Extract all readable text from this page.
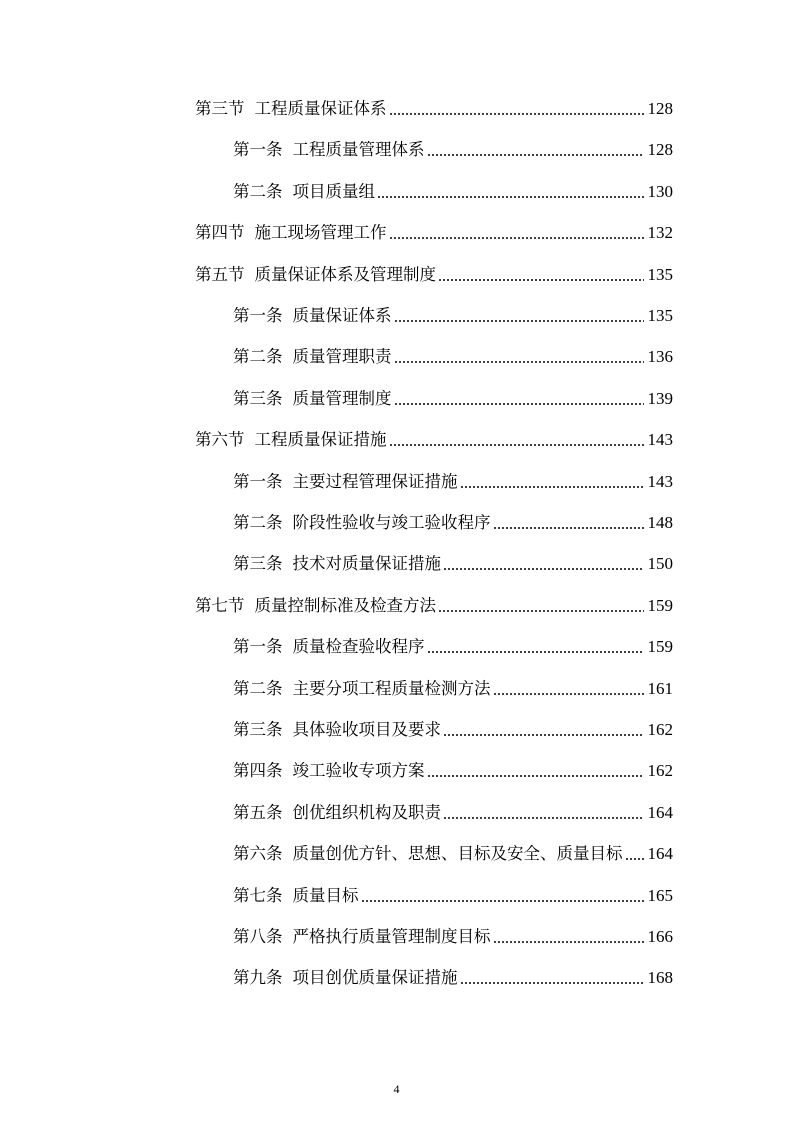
第三节 工程质量保证体系	128
第一条 工程质量管理体系	128
第二条 项目质量组	130
第四节 施工现场管理工作	132
第五节 质量保证体系及管理制度	135
第一条 质量保证体系	135
第二条 质量管理职责	136
第三条 质量管理制度	139
第六节 工程质量保证措施	143
第一条 主要过程管理保证措施	143
第二条 阶段性验收与竣工验收程序	148
第三条 技术对质量保证措施	150
第七节 质量控制标准及检查方法	159
第一条 质量检查验收程序	159
第二条 主要分项工程质量检测方法	161
第三条 具体验收项目及要求	162
第四条 竣工验收专项方案	162
第五条 创优组织机构及职责	164
第六条 质量创优方针、思想、目标及安全、质量目标 164
第七条 质量目标	165
第八条 严格执行质量管理制度目标	166
第九条 项目创优质量保证措施	168
4
